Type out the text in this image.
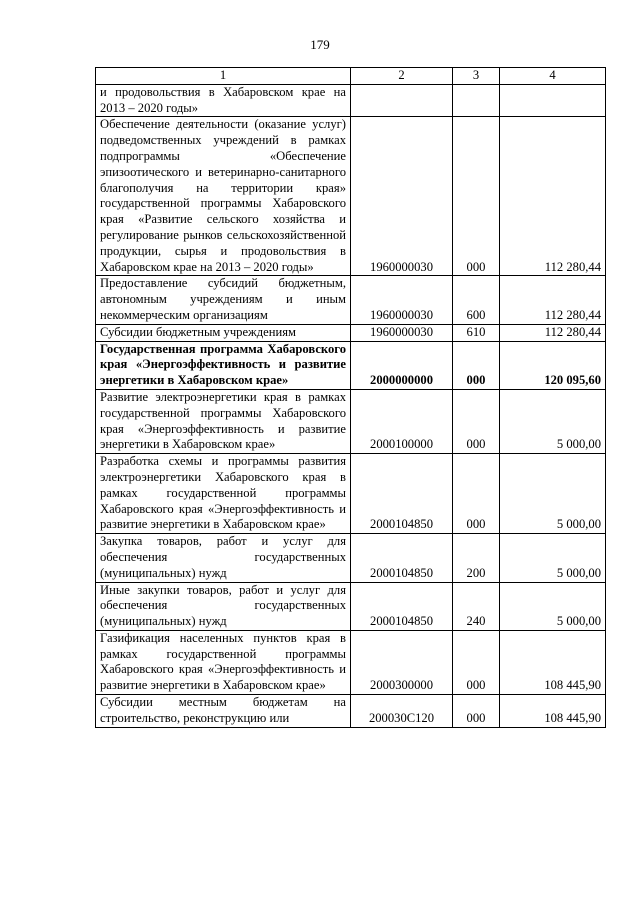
179
1	2	3	4
и продовольствия в Хабаровском крае на 2013 – 2020 годы»			
Обеспечение деятельности (оказание услуг) подведомственных учреждений в рамках подпрограммы «Обеспечение эпизоотического и ветеринарно-санитарного благополучия на территории края» государственной программы Хабаровского края «Развитие сельского хозяйства и регулирование рынков сельскохозяйственной продукции, сырья и продовольствия в Хабаровском крае на 2013 – 2020 годы»	1960000030	000	112 280,44
Предоставление субсидий бюджетным, автономным учреждениям и иным некоммерческим организациям	1960000030	600	112 280,44
Субсидии бюджетным учреждениям	1960000030	610	112 280,44
Государственная программа Хабаровского края «Энергоэффективность и развитие энергетики в Хабаровском крае»	2000000000	000	120 095,60
Развитие электроэнергетики края в рамках государственной программы Хабаровского края «Энергоэффективность и развитие энергетики в Хабаровском крае»	2000100000	000	5 000,00
Разработка схемы и программы развития электроэнергетики Хабаровского края в рамках государственной программы Хабаровского края «Энергоэффективность и развитие энергетики в Хабаровском крае»	2000104850	000	5 000,00
Закупка товаров, работ и услуг для обеспечения государственных (муниципальных) нужд	2000104850	200	5 000,00
Иные закупки товаров, работ и услуг для обеспечения государственных (муниципальных) нужд	2000104850	240	5 000,00
Газификация населенных пунктов края в рамках государственной программы Хабаровского края «Энергоэффективность и развитие энергетики в Хабаровском крае»	2000300000	000	108 445,90
Субсидии местным бюджетам на строительство, реконструкцию или	200030С120	000	108 445,90
